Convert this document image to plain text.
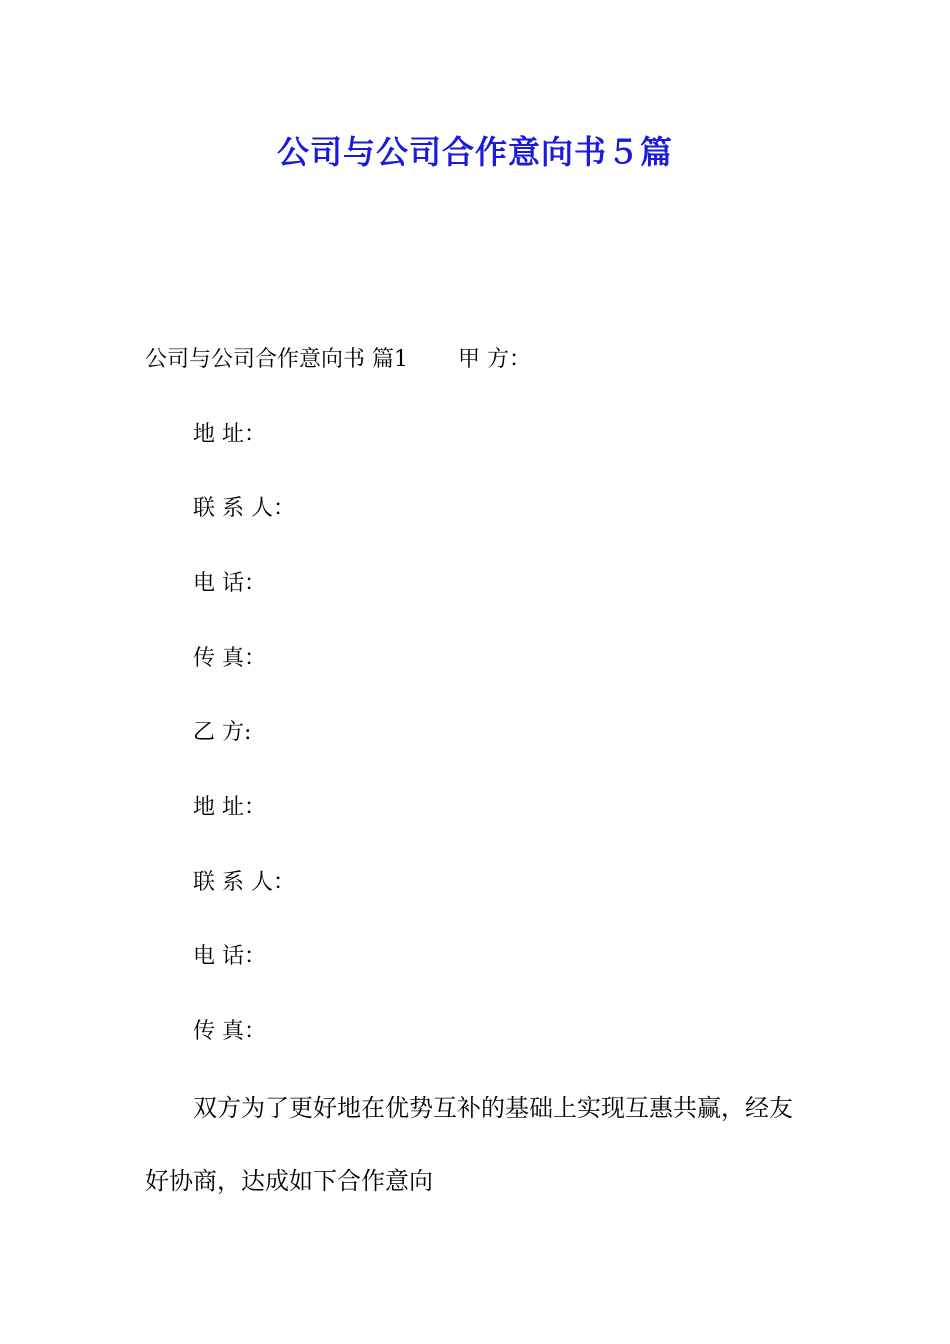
公司与公司合作意向书５篇
公司与公司合作意向书 篇1 甲 方：
地 址：
联 系 人：
电 话：
传 真：
乙 方:
地 址：
联 系 人：
电 话：
传 真：
双方为了更好地在优势互补的基础上实现互惠共赢，经友
好协商，达成如下合作意向
